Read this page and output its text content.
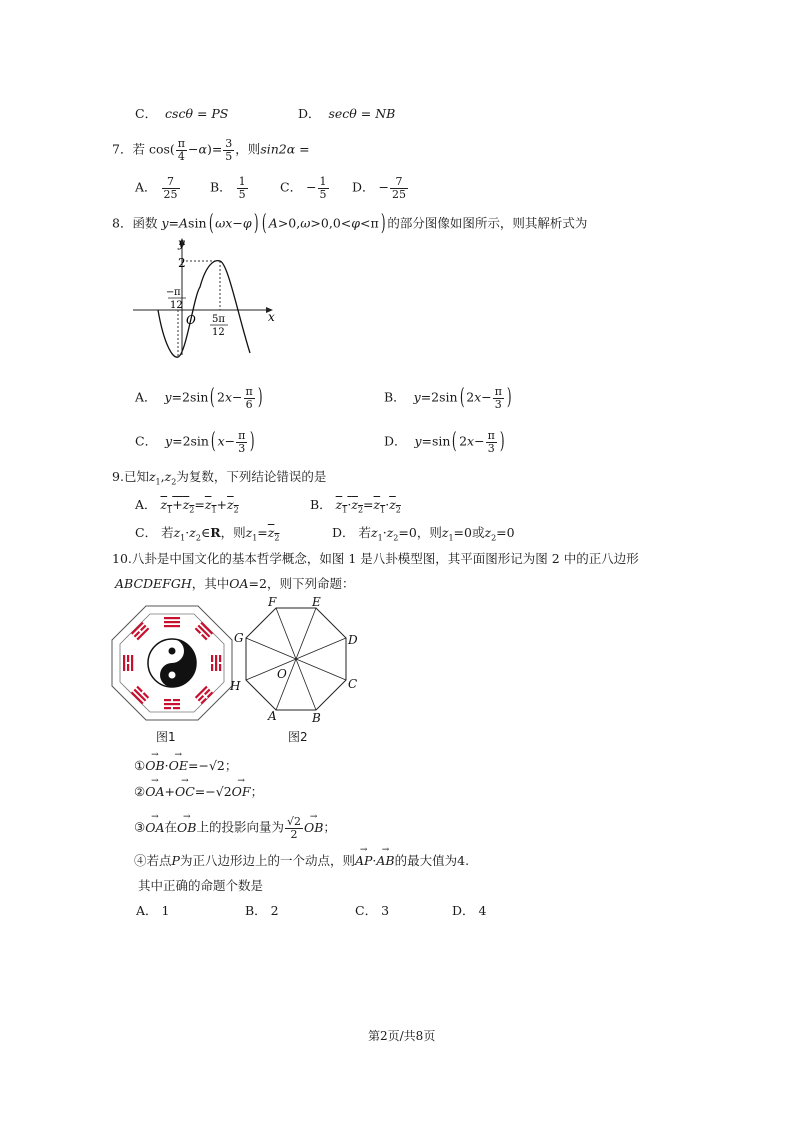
C． cscθ = PS	D． secθ = NB
7．若 $\cos( \frac{\pi}{4} -\alpha)= \frac{3}{5}$ ，则sin2α =
A． $\frac{7}{25}$ B． $\frac{1}{5}$	C． − $\frac{1}{5}$ D． − $\frac{7}{25}$
8．函数 y=Asin( ωx−φ) ( A>0,ω>0,0<φ<π) 的部分图像如图所示，则其解析式为
y
x
2
O
− π
12
5π
12
A． y=2sin( $2x- \frac{\pi}{6}$ )	B． y=2sin( $2x- \frac{\pi}{3}$ )
C． y=2sin( $x- \frac{\pi}{3}$ )	D． y=sin( $2x- \frac{\pi}{3}$ )
9.已知$z_1,z_2$为复数，下列结论错误的是
A． $z_1+z_2=z_1+z_2$	B． $z_1\cdot z_2=z_1\cdot z_2$
C． 若$z_1\cdot z_2\in R$，则$z_1=z_2$	D． 若$z_1\cdot z_2=0$，则$z_1=0$或$z_2=0$
10.八卦是中国文化的基本哲学概念，如图 1 是八卦模型图，其平面图形记为图 2 中的正八边形
ABCDEFGH，其中OA=2，则下列命题：
图1
A	B
C
D
E
F
G
H
O
图2
①→ OB·→ OE=−√2；
②→ OA+→ OC=−√2→ OF；
③→ OA在→ OB上的投影向量为 $\frac{√2}{2}$ → OB；
④若点P为正八边形边上的一个动点，则→ AP·→ AB的最大值为4.
其中正确的命题个数是
A． 1	B． 2	C． 3	D． 4
第2页/共8页
